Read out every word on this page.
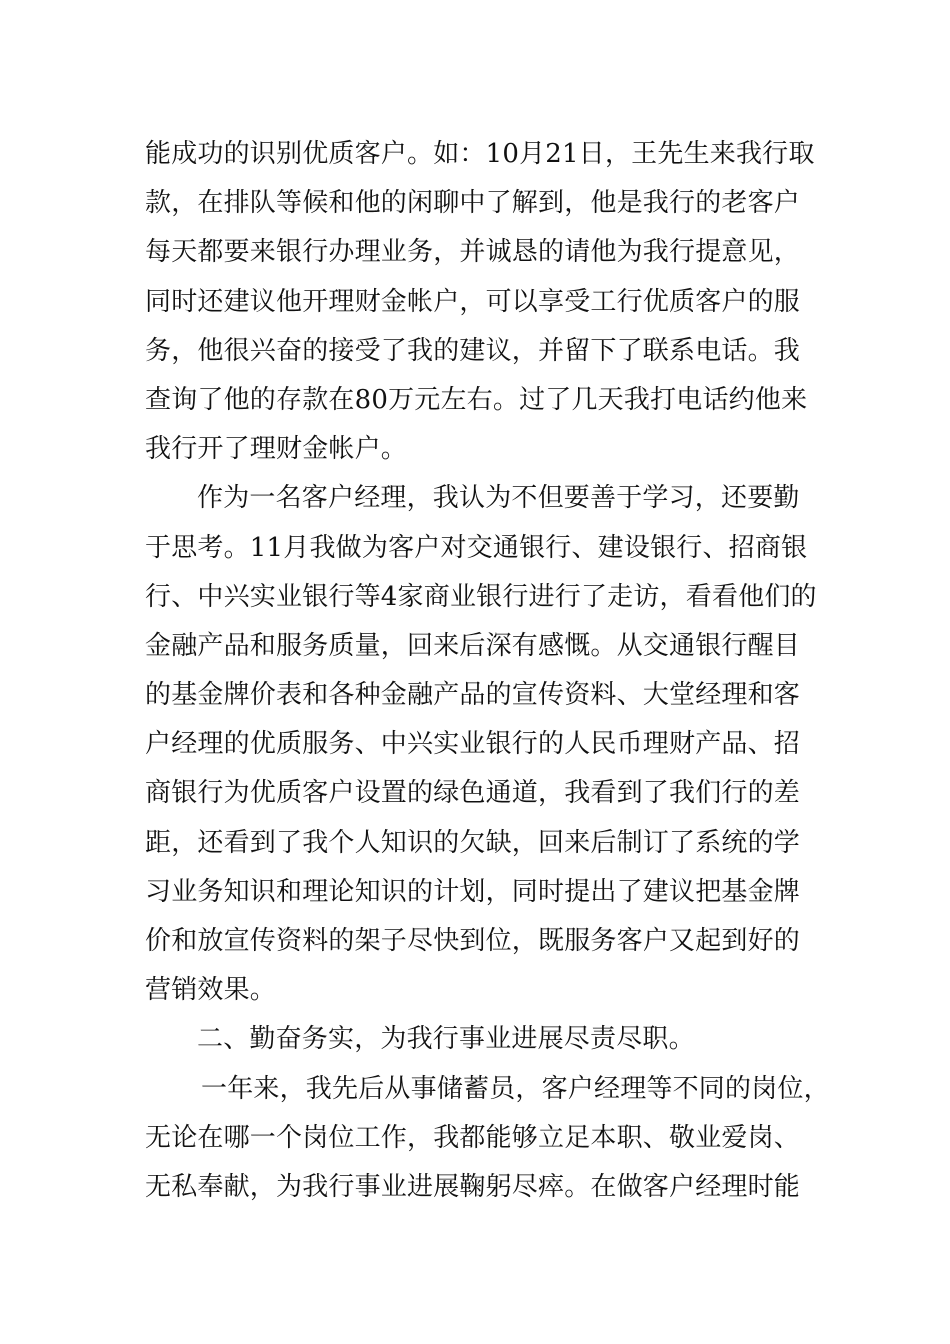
能成功的识别优质客户。如：10月21日，王先生来我行取
款，在排队等候和他的闲聊中了解到，他是我行的老客户
每天都要来银行办理业务，并诚恳的请他为我行提意见，
同时还建议他开理财金帐户，可以享受工行优质客户的服
务，他很兴奋的接受了我的建议，并留下了联系电话。我
查询了他的存款在80万元左右。过了几天我打电话约他来
我行开了理财金帐户。
作为一名客户经理，我认为不但要善于学习，还要勤
于思考。11月我做为客户对交通银行、建设银行、招商银
行、中兴实业银行等4家商业银行进行了走访，看看他们的
金融产品和服务质量，回来后深有感慨。从交通银行醒目
的基金牌价表和各种金融产品的宣传资料、大堂经理和客
户经理的优质服务、中兴实业银行的人民币理财产品、招
商银行为优质客户设置的绿色通道，我看到了我们行的差
距，还看到了我个人知识的欠缺，回来后制订了系统的学
习业务知识和理论知识的计划，同时提出了建议把基金牌
价和放宣传资料的架子尽快到位，既服务客户又起到好的
营销效果。
二、勤奋务实，为我行事业进展尽责尽职。
一年来，我先后从事储蓄员，客户经理等不同的岗位，
无论在哪一个岗位工作，我都能够立足本职、敬业爱岗、
无私奉献，为我行事业进展鞠躬尽瘁。在做客户经理时能
